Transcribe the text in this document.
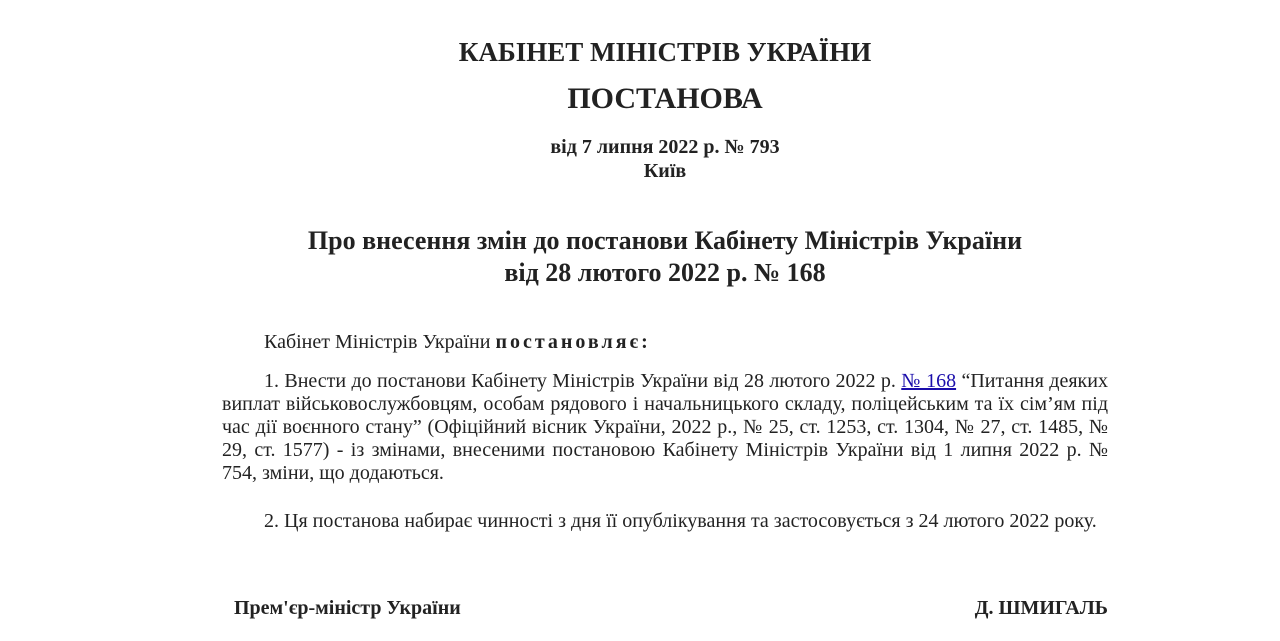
КАБІНЕТ МІНІСТРІВ УКРАЇНИ
ПОСТАНОВА
від 7 липня 2022 р. № 793
Київ
Про внесення змін до постанови Кабінету Міністрів України
від 28 лютого 2022 р. № 168
Кабінет Міністрів України постановляє:
1. Внести до постанови Кабінету Міністрів України від 28 лютого 2022 р. № 168 “Питання деяких виплат військовослужбовцям, особам рядового і начальницького складу, поліцейським та їх сім’ям під час дії воєнного стану” (Офіційний вісник України, 2022 р., № 25, ст. 1253, ст. 1304, № 27, ст. 1485, № 29, ст. 1577) - із змінами, внесеними постановою Кабінету Міністрів України від 1 липня 2022 р. № 754, зміни, що додаються.
2. Ця постанова набирає чинності з дня її опублікування та застосовується з 24 лютого 2022 року.
Прем'єр-міністр України	Д. ШМИГАЛЬ
